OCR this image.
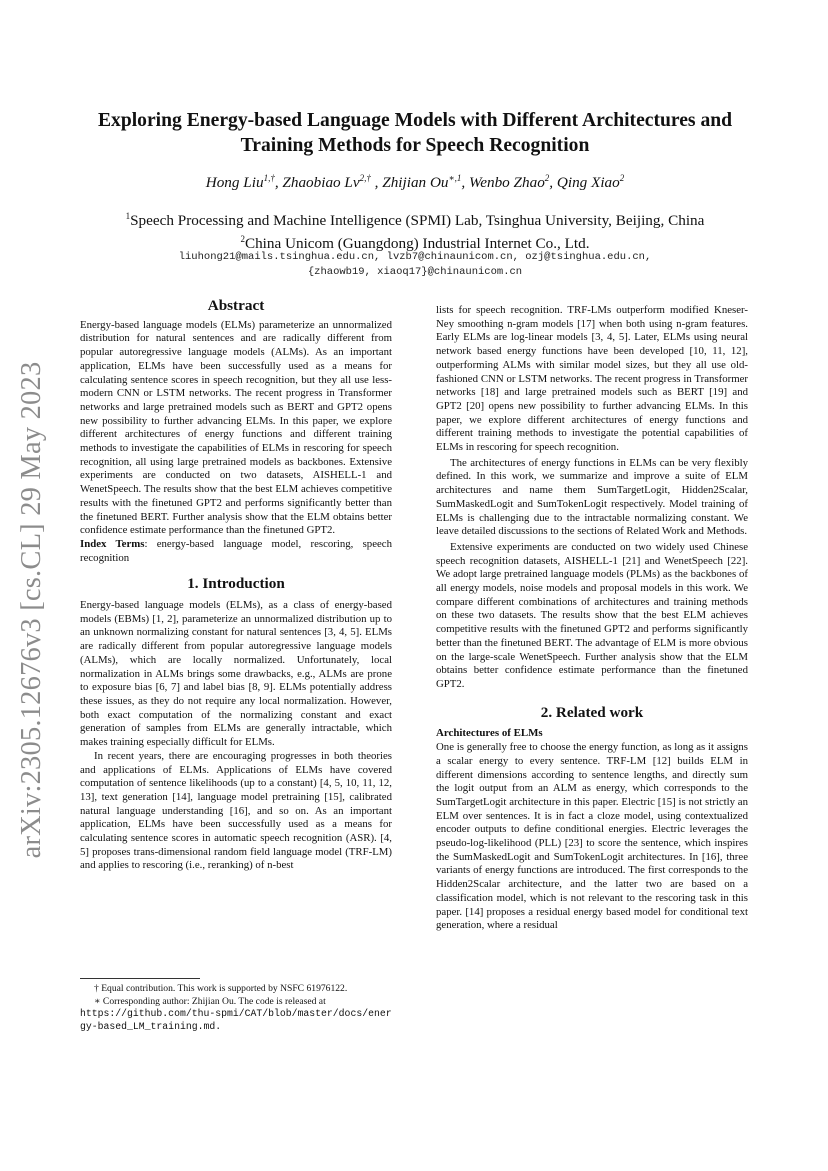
arXiv:2305.12676v3 [cs.CL] 29 May 2023
Exploring Energy-based Language Models with Different Architectures and
Training Methods for Speech Recognition
Hong Liu$^{1,\dagger}$, Zhaobiao $Lv^{2,\dagger}$ , Zhijian $Ou^{∗,1}$, Wenbo Zhao$^2$, Qing Xiao$^2$
$^1$Speech Processing and Machine Intelligence (SPMI) Lab, Tsinghua University, Beijing, China
$^2$China Unicom (Guangdong) Industrial Internet Co., Ltd.
liuhong21@mails.tsinghua.edu.cn, lvzb7@chinaunicom.cn, ozj@tsinghua.edu.cn,
{zhaowb19, xiaoq17}@chinaunicom.cn

Abstract

Energy-based language models (ELMs) parameterize an unnormalized distribution for natural sentences and are radically different from popular autoregressive language models (ALMs). As an important application, ELMs have been successfully used as a means for calculating sentence scores in speech recognition, but they all use less-modern CNN or LSTM networks. The recent progress in Transformer networks and large pretrained models such as BERT and GPT2 opens new possibility to further advancing ELMs. In this paper, we explore different architectures of energy functions and different training methods to investigate the capabilities of ELMs in rescoring for speech recognition, all using large pretrained models as backbones. Extensive experiments are conducted on two datasets, AISHELL-1 and WenetSpeech. The results show that the best ELM achieves competitive results with the finetuned GPT2 and performs significantly better than the finetuned BERT. Further analysis show that the ELM obtains better confidence estimate performance than the finetuned GPT2.

Index Terms: energy-based language model, rescoring, speech recognition

1. Introduction

Energy-based language models (ELMs), as a class of energy-based models (EBMs) [1, 2], parameterize an unnormalized distribution up to an unknown normalizing constant for natural sentences [3, 4, 5]. ELMs are radically different from popular autoregressive language models (ALMs), which are locally normalized. Unfortunately, local normalization in ALMs brings some drawbacks, e.g., ALMs are prone to exposure bias [6, 7] and label bias [8, 9]. ELMs potentially address these issues, as they do not require any local normalization. However, both exact computation of the normalizing constant and exact generation of samples from ELMs are generally intractable, which makes training especially difficult for ELMs.

In recent years, there are encouraging progresses in both theories and applications of ELMs. Applications of ELMs have covered computation of sentence likelihoods (up to a constant) [4, 5, 10, 11, 12, 13], text generation [14], language model pretraining [15], calibrated natural language understanding [16], and so on. As an important application, ELMs have been successfully used as a means for calculating sentence scores in automatic speech recognition (ASR). [4, 5] proposes trans-dimensional random field language model (TRF-LM) and applies to rescoring (i.e., reranking) of n-best

† Equal contribution. This work is supported by NSFC 61976122.
∗ Corresponding author: Zhijian Ou. The code is released at
https://github.com/thu-spmi/CAT/blob/master/docs/energy-based_LM_training.md.

lists for speech recognition. TRF-LMs outperform modified Kneser-Ney smoothing n-gram models [17] when both using n-gram features. Early ELMs are log-linear models [3, 4, 5]. Later, ELMs using neural network based energy functions have been developed [10, 11, 12], outperforming ALMs with similar model sizes, but they all use old-fashioned CNN or LSTM networks. The recent progress in Transformer networks [18] and large pretrained models such as BERT [19] and GPT2 [20] opens new possibility to further advancing ELMs. In this paper, we explore different architectures of energy functions and different training methods to investigate the potential capabilities of ELMs in rescoring for speech recognition.

The architectures of energy functions in ELMs can be very flexibly defined. In this work, we summarize and improve a suite of ELM architectures and name them SumTargetLogit, Hidden2Scalar, SumMaskedLogit and SumTokenLogit respectively. Model training of ELMs is challenging due to the intractable normalizing constant. We leave detailed discussions to the sections of Related Work and Methods.

Extensive experiments are conducted on two widely used Chinese speech recognition datasets, AISHELL-1 [21] and WenetSpeech [22]. We adopt large pretrained language models (PLMs) as the backbones of all energy models, noise models and proposal models in this work. We compare different combinations of architectures and training methods on these two datasets. The results show that the best ELM achieves competitive results with the finetuned GPT2 and performs significantly better than the finetuned BERT. The advantage of ELM is more obvious on the large-scale WenetSpeech. Further analysis show that the ELM obtains better confidence estimate performance than the finetuned GPT2.

2. Related work

Architectures of ELMs

One is generally free to choose the energy function, as long as it assigns a scalar energy to every sentence. TRF-LM [12] builds ELM in different dimensions according to sentence lengths, and directly sum the logit output from an ALM as energy, which corresponds to the SumTargetLogit architecture in this paper. Electric [15] is not strictly an ELM over sentences. It is in fact a cloze model, using contextualized encoder outputs to define conditional energies. Electric leverages the pseudo-log-likelihood (PLL) [23] to score the sentence, which inspires the SumMaskedLogit and SumTokenLogit architectures. In [16], three variants of energy functions are introduced. The first corresponds to the Hidden2Scalar architecture, and the latter two are based on a classification model, which is not relevant to the rescoring task in this paper. [14] proposes a residual energy based model for conditional text generation, where a residual
